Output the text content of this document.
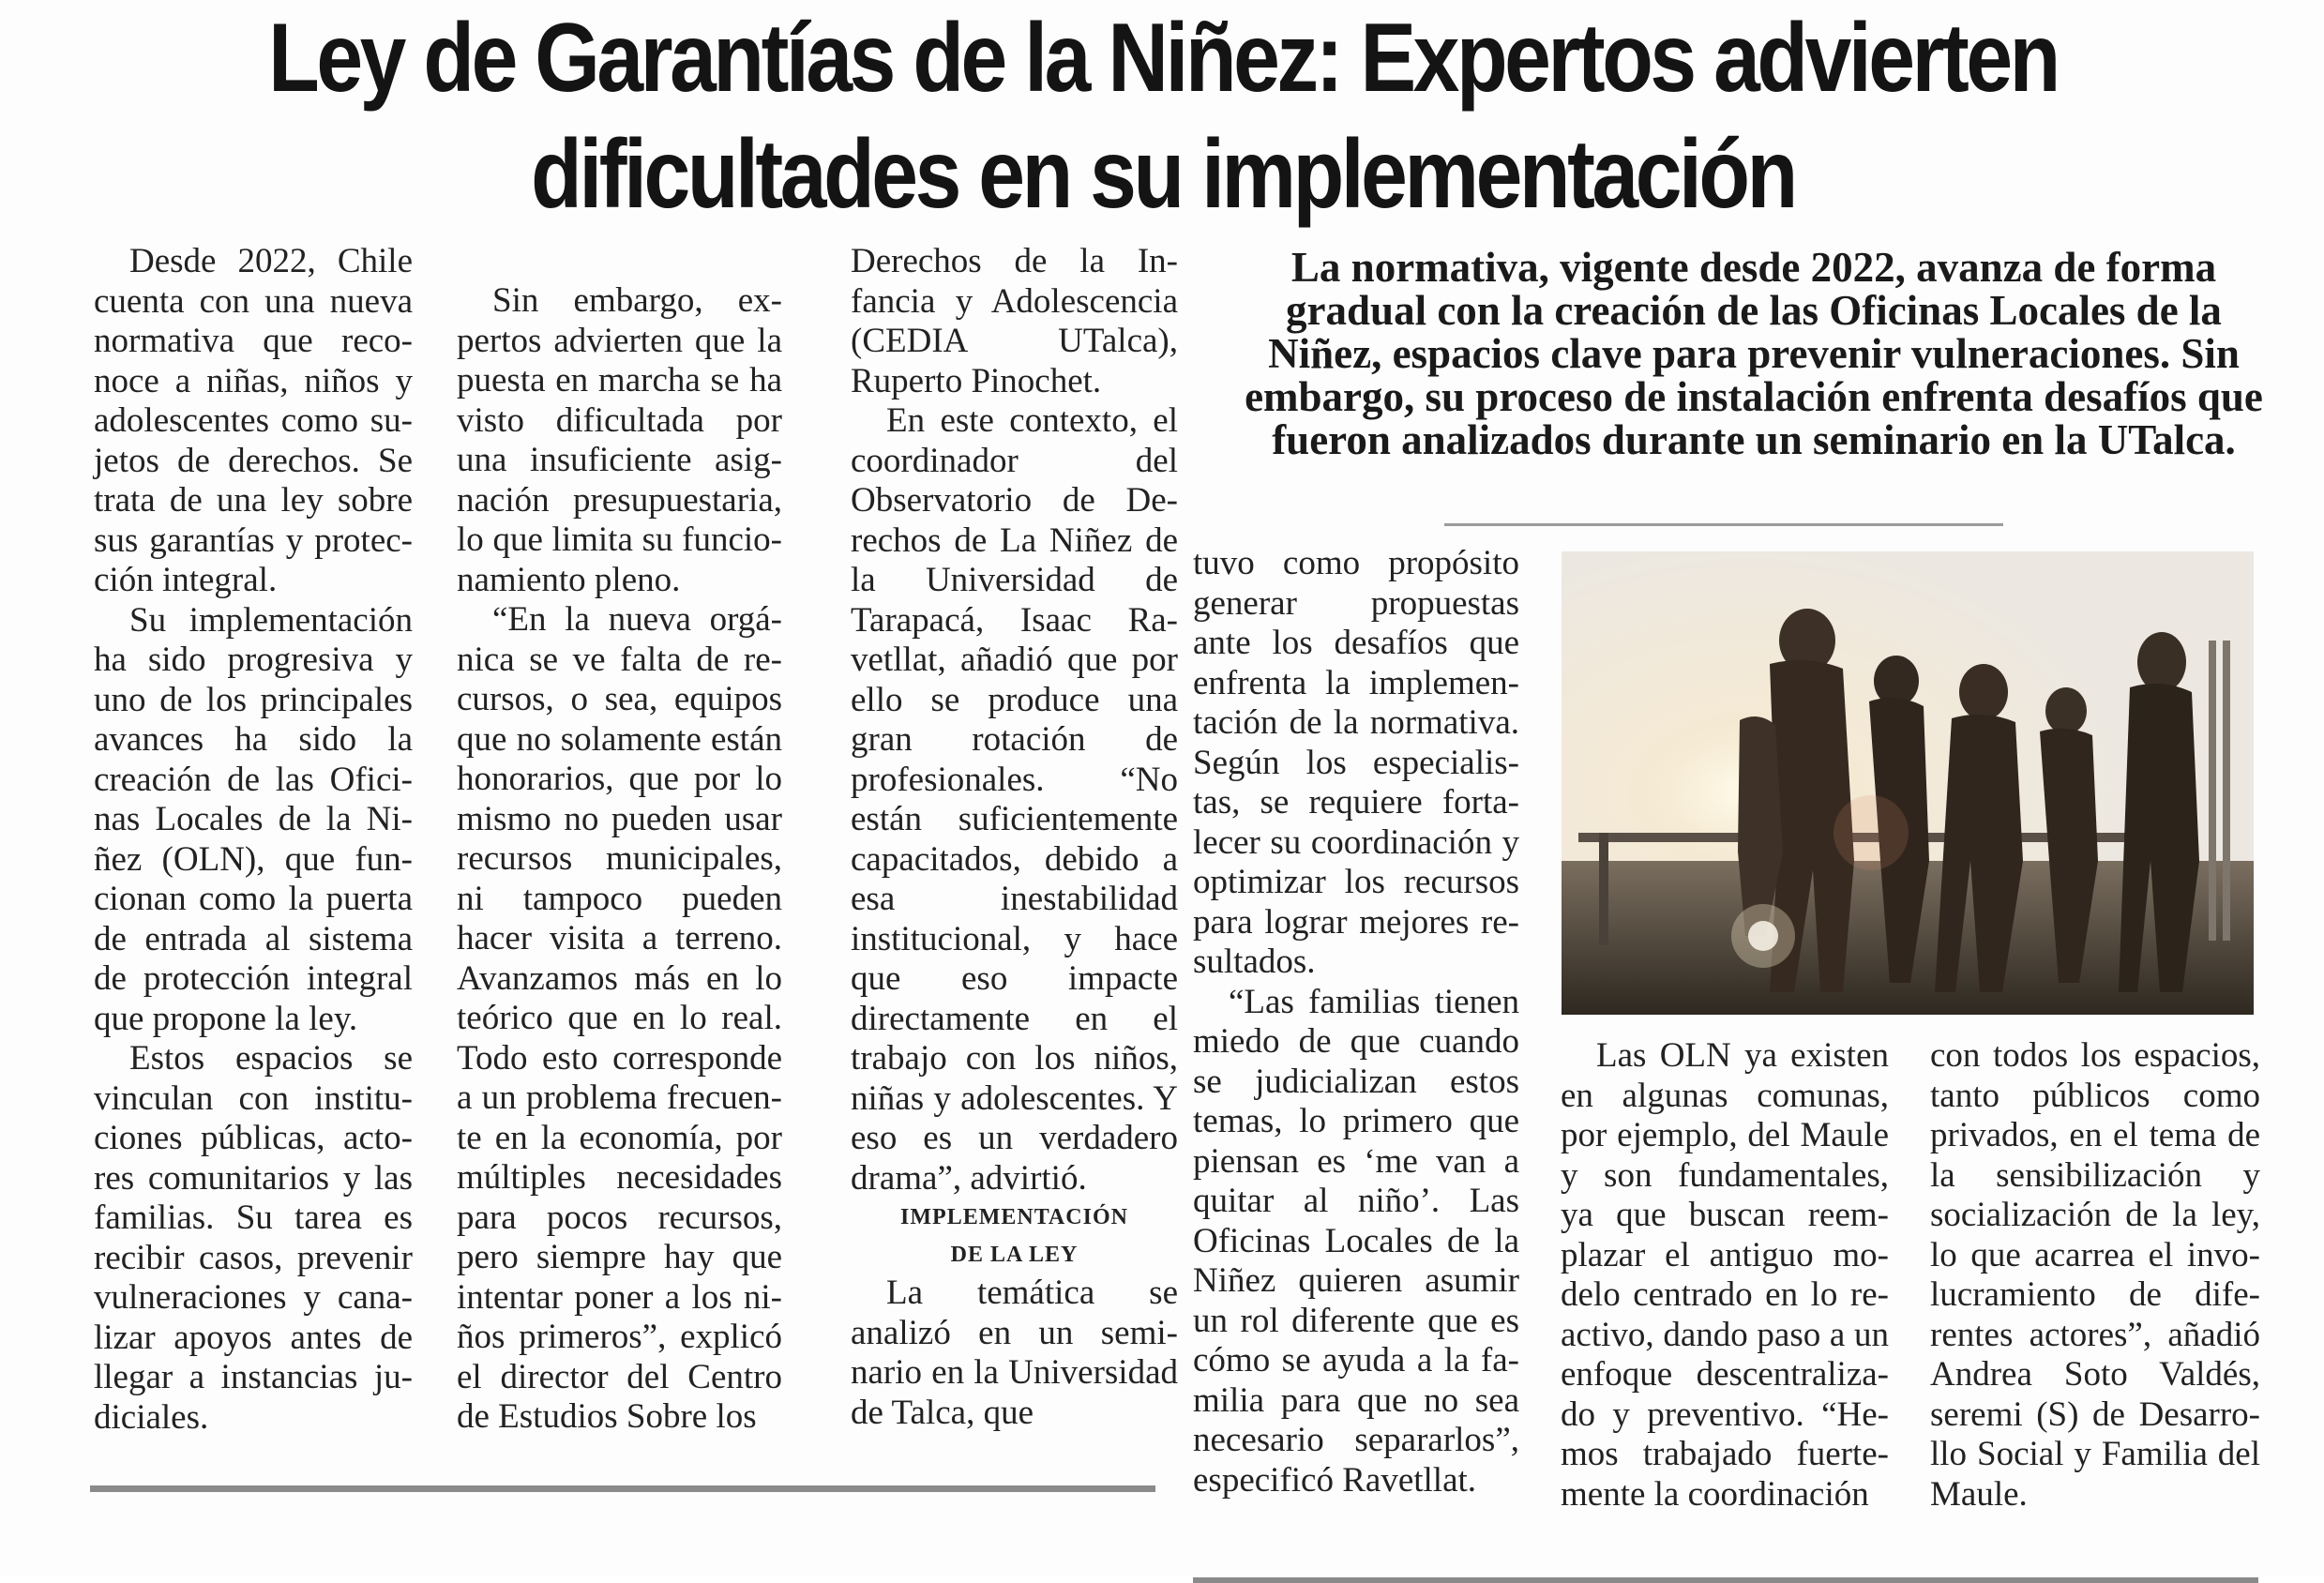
Ley de Garantías de la Niñez: Expertos advierten
dificultades en su implementación

Desde 2022, Chile cuenta con una nueva normativa que reconoce a niñas, niños y adolescentes como sujetos de derechos. Se trata de una ley sobre sus garantías y protección integral.

Su implementación ha sido progresiva y uno de los principales avances ha sido la creación de las Oficinas Locales de la Niñez (OLN), que funcionan como la puerta de entrada al sistema de protección integral que propone la ley.

Estos espacios se vinculan con instituciones públicas, actores comunitarios y las familias. Su tarea es recibir casos, prevenir vulneraciones y canalizar apoyos antes de llegar a instancias judiciales.

Sin embargo, expertos advierten que la puesta en marcha se ha visto dificultada por una insuficiente asignación presupuestaria, lo que limita su funcionamiento pleno.

“En la nueva orgánica se ve falta de recursos, o sea, equipos que no solamente están honorarios, que por lo mismo no pueden usar recursos municipales, ni tampoco pueden hacer visita a terreno. Avanzamos más en lo teórico que en lo real. Todo esto corresponde a un problema frecuente en la economía, por múltiples necesidades para pocos recursos, pero siempre hay que intentar poner a los niños primeros”, explicó el director del Centro de Estudios Sobre los

Derechos de la Infancia y Adolescencia (CEDIA UTalca), Ruperto Pinochet.

En este contexto, el coordinador del Observatorio de Derechos de La Niñez de la Universidad de Tarapacá, Isaac Ravetllat, añadió que por ello se produce una gran rotación de profesionales. “No están suficientemente capacitados, debido a esa inestabilidad institucional, y hace que eso impacte directamente en el trabajo con los niños, niñas y adolescentes. Y eso es un verdadero drama”, advirtió.

IMPLEMENTACIÓN
DE LA LEY

La temática se analizó en un seminario en la Universidad de Talca, que

La normativa, vigente desde 2022, avanza de forma gradual con la creación de las Oficinas Locales de la Niñez, espacios clave para prevenir vulneraciones. Sin embargo, su proceso de instalación enfrenta desafíos que fueron analizados durante un seminario en la UTalca.

tuvo como propósito generar propuestas ante los desafíos que enfrenta la implementación de la normativa. Según los especialistas, se requiere fortalecer su coordinación y optimizar los recursos para lograr mejores resultados.

“Las familias tienen miedo de que cuando se judicializan estos temas, lo primero que piensan es ‘me van a quitar al niño’. Las Oficinas Locales de la Niñez quieren asumir un rol diferente que es cómo se ayuda a la familia para que no sea necesario separarlos”, especificó Ravetllat.

Las OLN ya existen en algunas comunas, por ejemplo, del Maule y son fundamentales, ya que buscan reemplazar el antiguo modelo centrado en lo reactivo, dando paso a un enfoque descentralizado y preventivo. “Hemos trabajado fuertemente la coordinación

con todos los espacios, tanto públicos como privados, en el tema de la sensibilización y socialización de la ley, lo que acarrea el involucramiento de diferentes actores”, añadió Andrea Soto Valdés, seremi (S) de Desarrollo Social y Familia del Maule.
